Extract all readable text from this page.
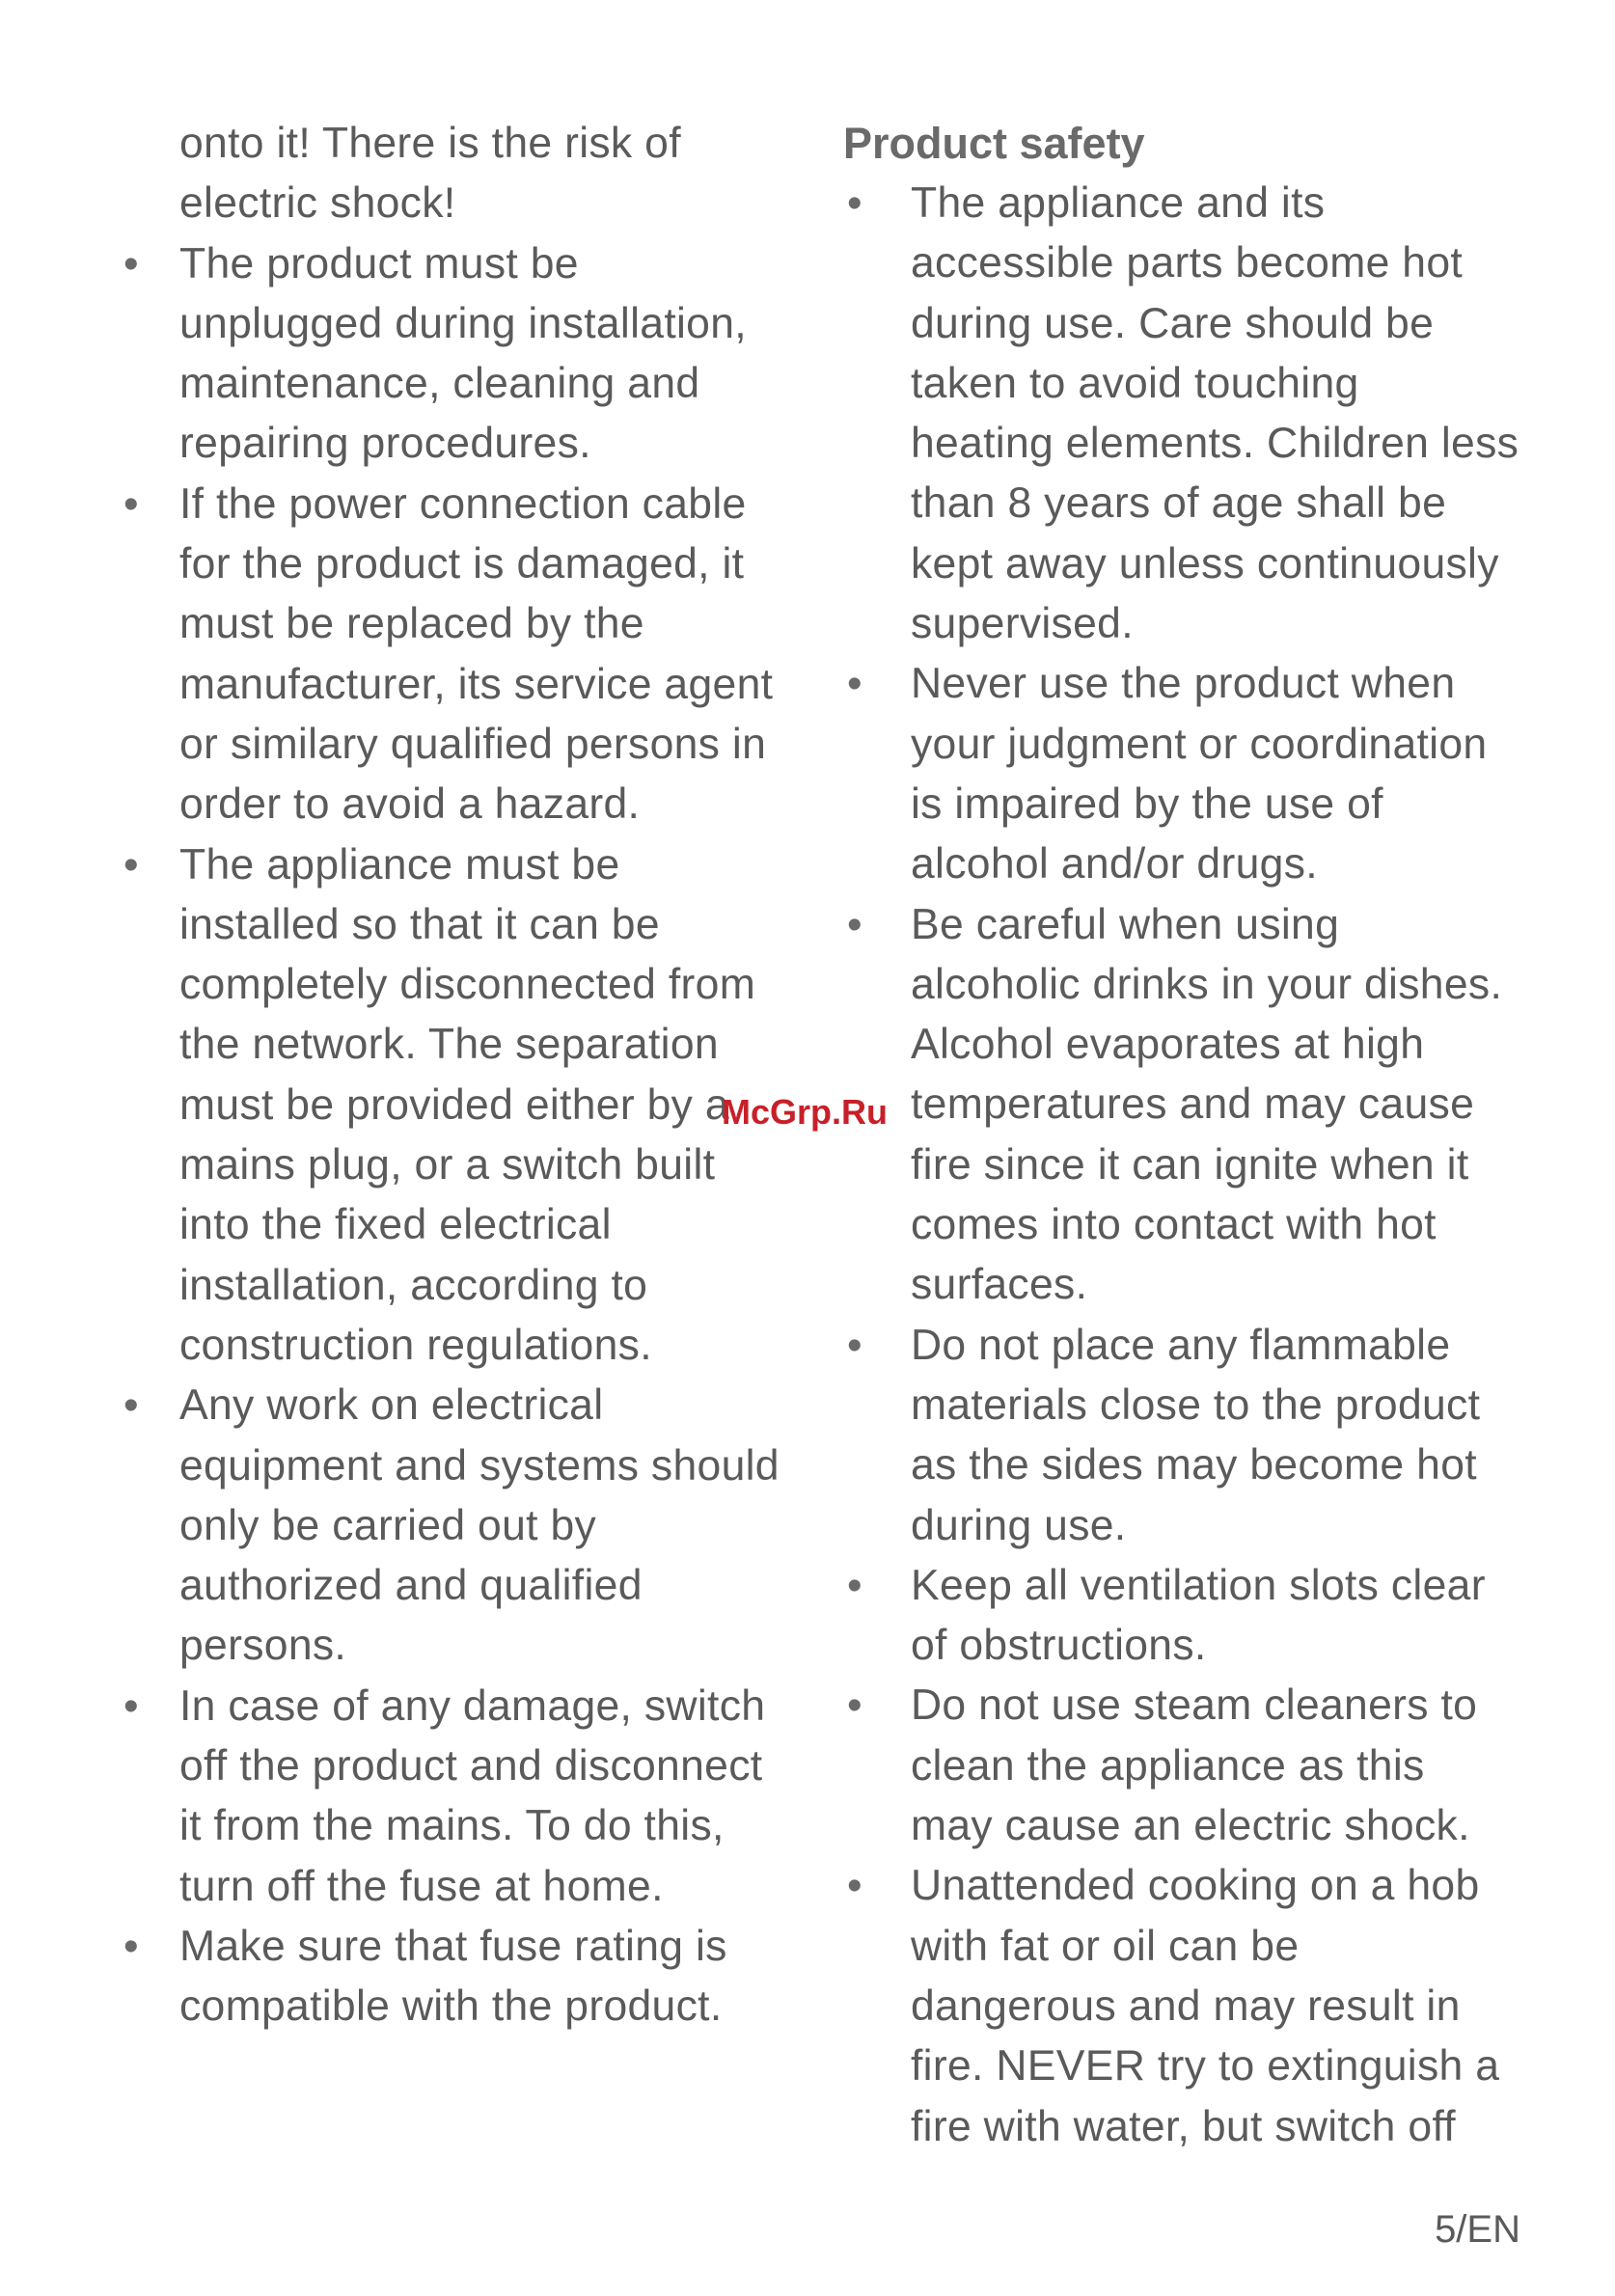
onto it! There is the risk of
electric shock!
• The product must be
unplugged during installation,
maintenance, cleaning and
repairing procedures.
• If the power connection cable
for the product is damaged, it
must be replaced by the
manufacturer, its service agent
or similary qualified persons in
order to avoid a hazard.
• The appliance must be
installed so that it can be
completely disconnected from
the network. The separation
must be provided either by a
mains plug, or a switch built
into the fixed electrical
installation, according to
construction regulations.
• Any work on electrical
equipment and systems should
only be carried out by
authorized and qualified
persons.
• In case of any damage, switch
off the product and disconnect
it from the mains. To do this,
turn off the fuse at home.
• Make sure that fuse rating is
compatible with the product.
Product safety
• The appliance and its
accessible parts become hot
during use. Care should be
taken to avoid touching
heating elements. Children less
than 8 years of age shall be
kept away unless continuously
supervised.
• Never use the product when
your judgment or coordination
is impaired by the use of
alcohol and/or drugs.
• Be careful when using
alcoholic drinks in your dishes.
Alcohol evaporates at high
temperatures and may cause
fire since it can ignite when it
comes into contact with hot
surfaces.
• Do not place any flammable
materials close to the product
as the sides may become hot
during use.
• Keep all ventilation slots clear
of obstructions.
• Do not use steam cleaners to
clean the appliance as this
may cause an electric shock.
• Unattended cooking on a hob
with fat or oil can be
dangerous and may result in
fire. NEVER try to extinguish a
fire with water, but switch off
McGrp.Ru
5/EN
